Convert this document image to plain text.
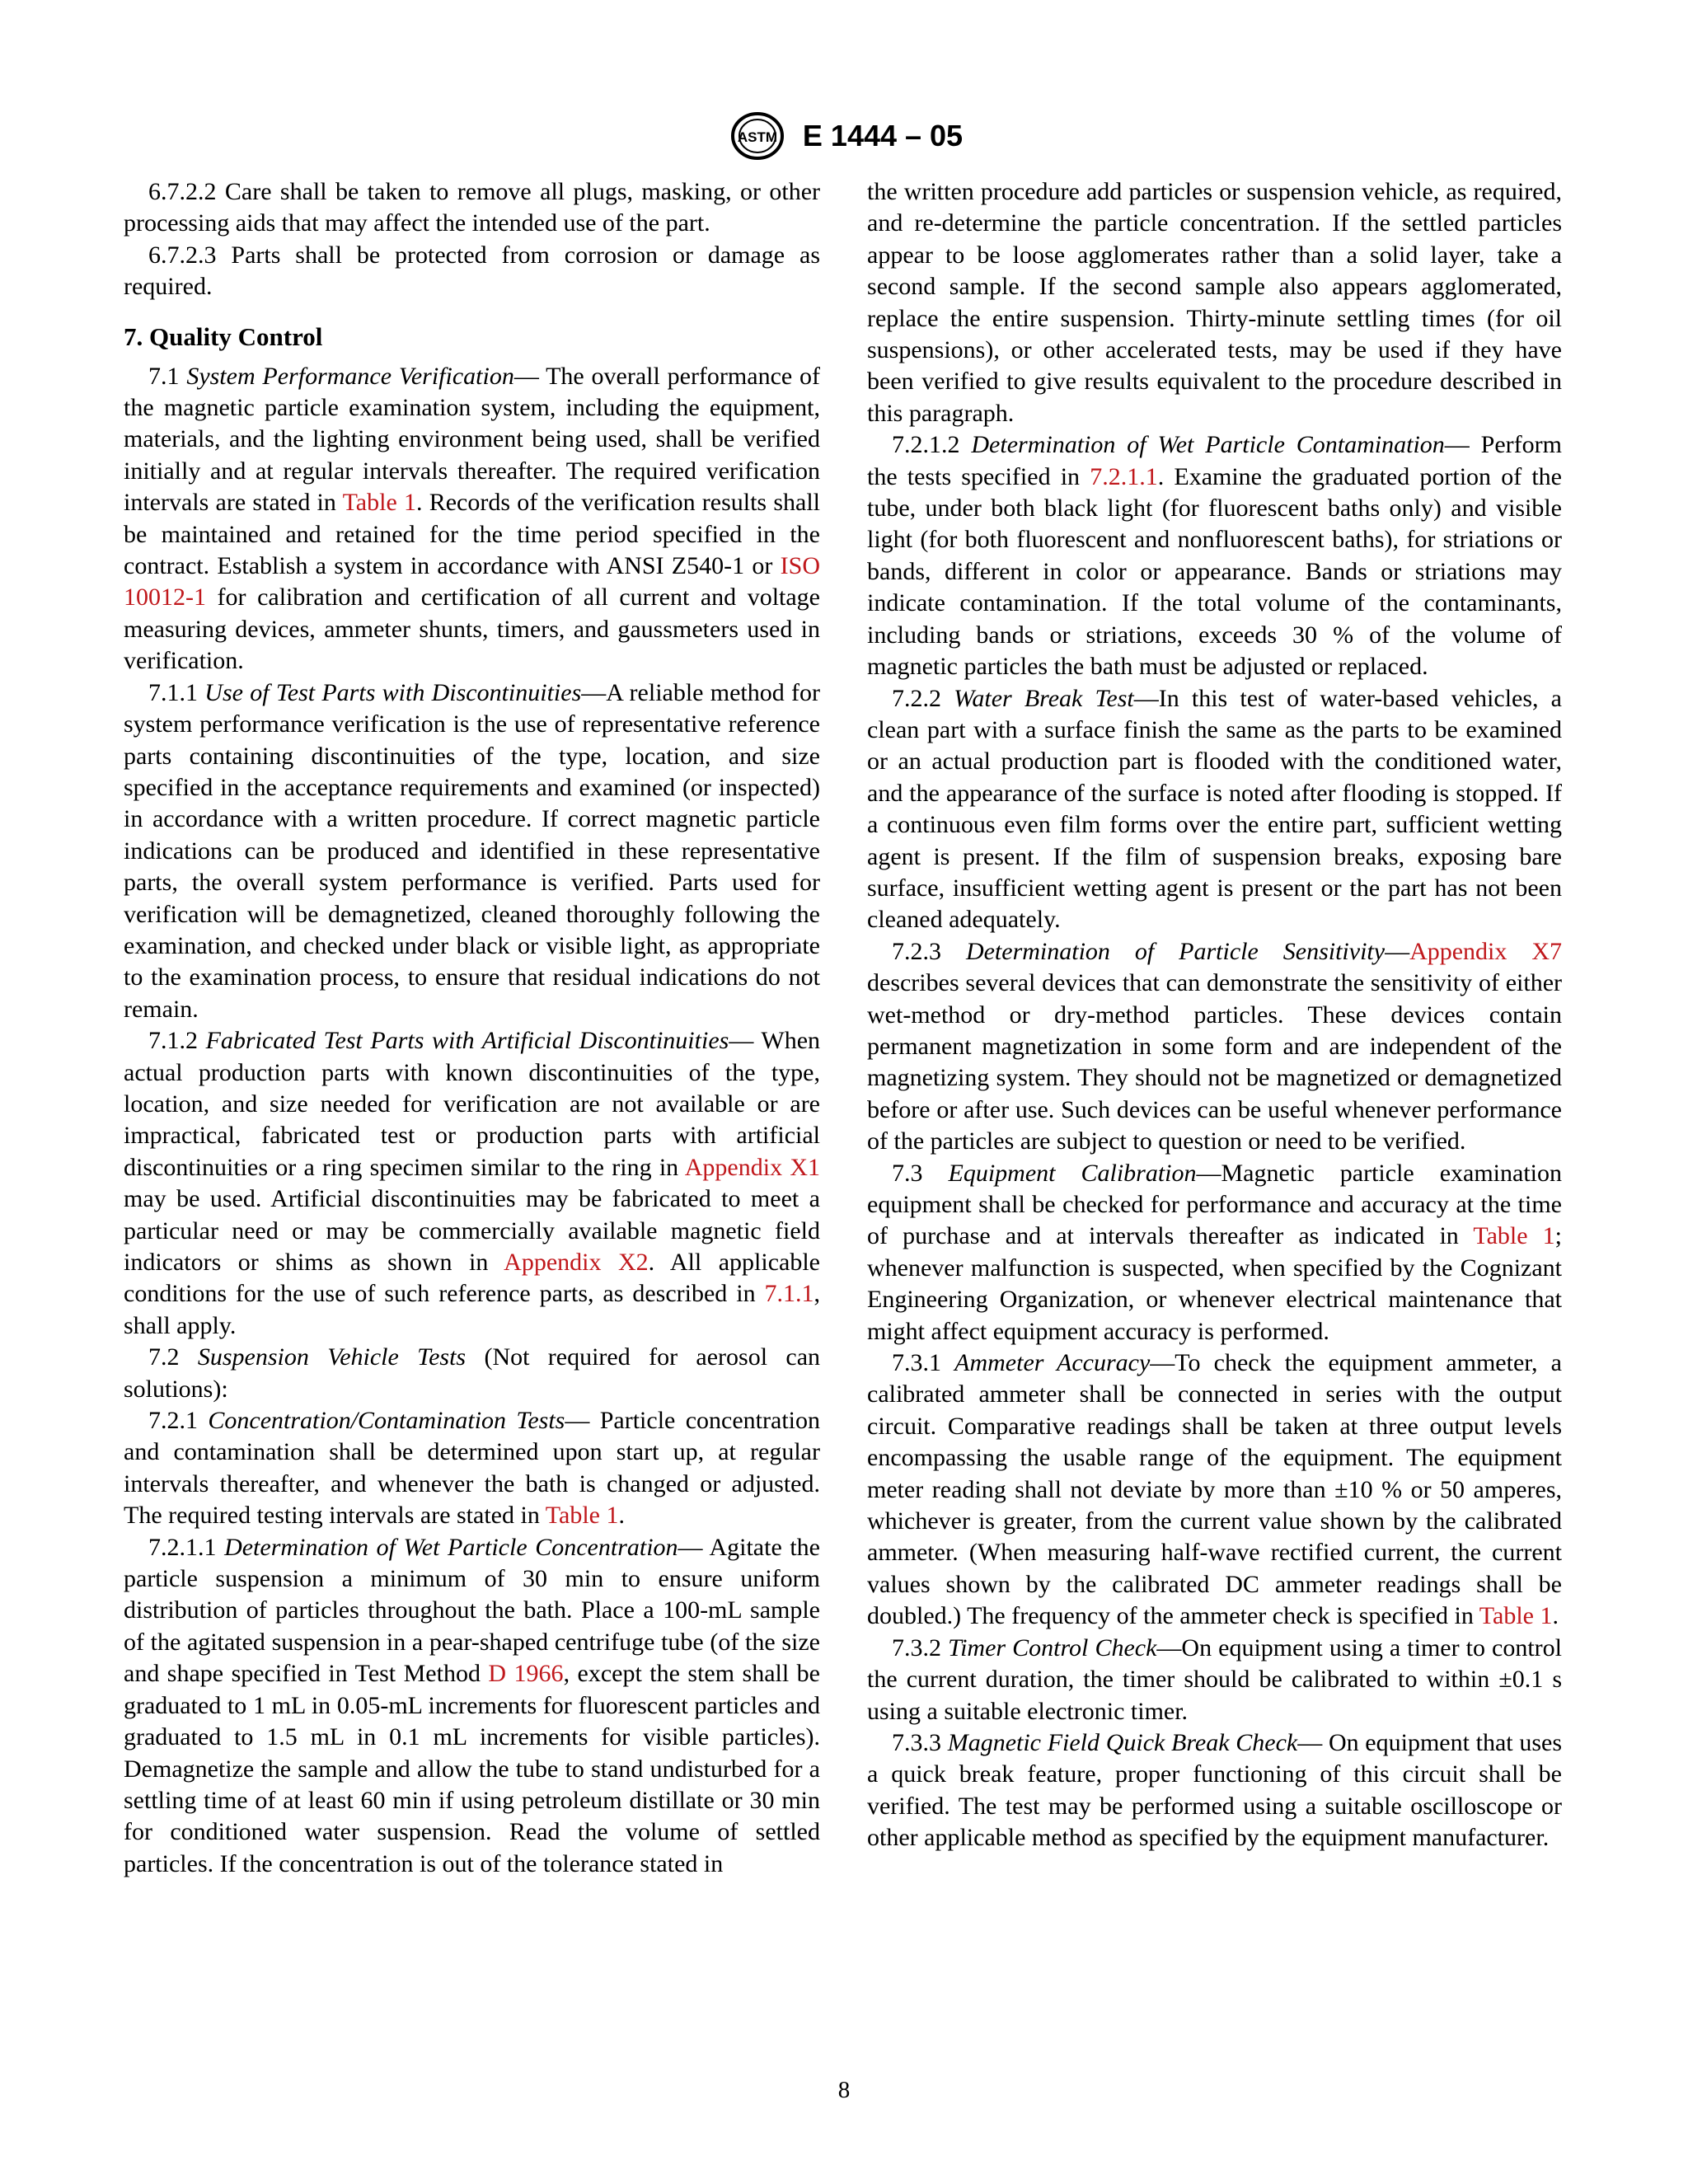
ASTM E 1444 – 05

6.7.2.2 Care shall be taken to remove all plugs, masking, or other processing aids that may affect the intended use of the part.

6.7.2.3 Parts shall be protected from corrosion or damage as required.

7. Quality Control

7.1 System Performance Verification— The overall performance of the magnetic particle examination system, including the equipment, materials, and the lighting environment being used, shall be verified initially and at regular intervals thereafter. The required verification intervals are stated in Table 1. Records of the verification results shall be maintained and retained for the time period specified in the contract. Establish a system in accordance with ANSI Z540-1 or ISO 10012-1 for calibration and certification of all current and voltage measuring devices, ammeter shunts, timers, and gaussmeters used in verification.

7.1.1 Use of Test Parts with Discontinuities—A reliable method for system performance verification is the use of representative reference parts containing discontinuities of the type, location, and size specified in the acceptance requirements and examined (or inspected) in accordance with a written procedure. If correct magnetic particle indications can be produced and identified in these representative parts, the overall system performance is verified. Parts used for verification will be demagnetized, cleaned thoroughly following the examination, and checked under black or visible light, as appropriate to the examination process, to ensure that residual indications do not remain.

7.1.2 Fabricated Test Parts with Artificial Discontinuities— When actual production parts with known discontinuities of the type, location, and size needed for verification are not available or are impractical, fabricated test or production parts with artificial discontinuities or a ring specimen similar to the ring in Appendix X1 may be used. Artificial discontinuities may be fabricated to meet a particular need or may be commercially available magnetic field indicators or shims as shown in Appendix X2. All applicable conditions for the use of such reference parts, as described in 7.1.1, shall apply.

7.2 Suspension Vehicle Tests (Not required for aerosol can solutions):

7.2.1 Concentration/Contamination Tests— Particle concentration and contamination shall be determined upon start up, at regular intervals thereafter, and whenever the bath is changed or adjusted. The required testing intervals are stated in Table 1.

7.2.1.1 Determination of Wet Particle Concentration— Agitate the particle suspension a minimum of 30 min to ensure uniform distribution of particles throughout the bath. Place a 100-mL sample of the agitated suspension in a pear-shaped centrifuge tube (of the size and shape specified in Test Method D 1966, except the stem shall be graduated to 1 mL in 0.05-mL increments for fluorescent particles and graduated to 1.5 mL in 0.1 mL increments for visible particles). Demagnetize the sample and allow the tube to stand undisturbed for a settling time of at least 60 min if using petroleum distillate or 30 min for conditioned water suspension. Read the volume of settled particles. If the concentration is out of the tolerance stated in

the written procedure add particles or suspension vehicle, as required, and re-determine the particle concentration. If the settled particles appear to be loose agglomerates rather than a solid layer, take a second sample. If the second sample also appears agglomerated, replace the entire suspension. Thirty-minute settling times (for oil suspensions), or other accelerated tests, may be used if they have been verified to give results equivalent to the procedure described in this paragraph.

7.2.1.2 Determination of Wet Particle Contamination— Perform the tests specified in 7.2.1.1. Examine the graduated portion of the tube, under both black light (for fluorescent baths only) and visible light (for both fluorescent and nonfluorescent baths), for striations or bands, different in color or appearance. Bands or striations may indicate contamination. If the total volume of the contaminants, including bands or striations, exceeds 30 % of the volume of magnetic particles the bath must be adjusted or replaced.

7.2.2 Water Break Test—In this test of water-based vehicles, a clean part with a surface finish the same as the parts to be examined or an actual production part is flooded with the conditioned water, and the appearance of the surface is noted after flooding is stopped. If a continuous even film forms over the entire part, sufficient wetting agent is present. If the film of suspension breaks, exposing bare surface, insufficient wetting agent is present or the part has not been cleaned adequately.

7.2.3 Determination of Particle Sensitivity—Appendix X7 describes several devices that can demonstrate the sensitivity of either wet-method or dry-method particles. These devices contain permanent magnetization in some form and are independent of the magnetizing system. They should not be magnetized or demagnetized before or after use. Such devices can be useful whenever performance of the particles are subject to question or need to be verified.

7.3 Equipment Calibration—Magnetic particle examination equipment shall be checked for performance and accuracy at the time of purchase and at intervals thereafter as indicated in Table 1; whenever malfunction is suspected, when specified by the Cognizant Engineering Organization, or whenever electrical maintenance that might affect equipment accuracy is performed.

7.3.1 Ammeter Accuracy—To check the equipment ammeter, a calibrated ammeter shall be connected in series with the output circuit. Comparative readings shall be taken at three output levels encompassing the usable range of the equipment. The equipment meter reading shall not deviate by more than ±10 % or 50 amperes, whichever is greater, from the current value shown by the calibrated ammeter. (When measuring half-wave rectified current, the current values shown by the calibrated DC ammeter readings shall be doubled.) The frequency of the ammeter check is specified in Table 1.

7.3.2 Timer Control Check—On equipment using a timer to control the current duration, the timer should be calibrated to within ±0.1 s using a suitable electronic timer.

7.3.3 Magnetic Field Quick Break Check— On equipment that uses a quick break feature, proper functioning of this circuit shall be verified. The test may be performed using a suitable oscilloscope or other applicable method as specified by the equipment manufacturer.

8
